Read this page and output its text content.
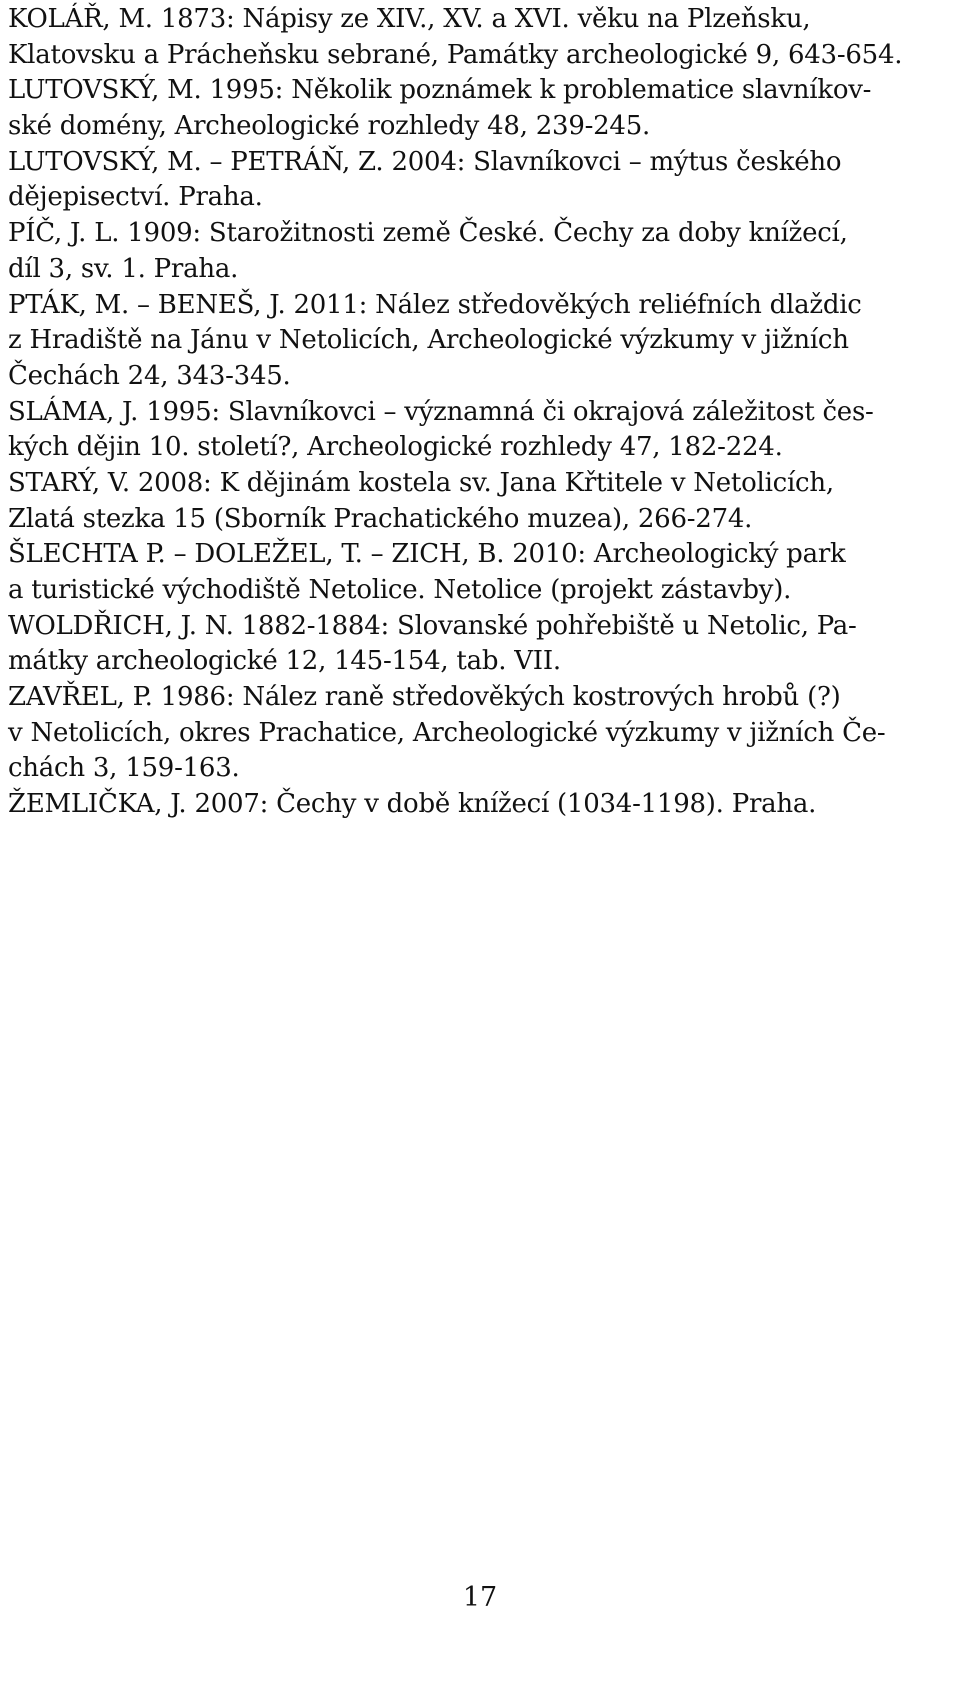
KOLÁŘ, M. 1873: Nápisy ze XIV., XV. a XVI. věku na Plzeňsku,
Klatovsku a Prácheňsku sebrané, Památky archeologické 9, 643-654.
LUTOVSKÝ, M. 1995: Několik poznámek k problematice slavníkov-
ské domény, Archeologické rozhledy 48, 239-245.
LUTOVSKÝ, M. – PETRÁŇ, Z. 2004: Slavníkovci – mýtus českého
dějepisectví. Praha.
PÍČ, J. L. 1909: Starožitnosti země České. Čechy za doby knížecí,
díl 3, sv. 1. Praha.
PTÁK, M. – BENEŠ, J. 2011: Nález středověkých reliéfních dlaždic
z Hradiště na Jánu v Netolicích, Archeologické výzkumy v jižních
Čechách 24, 343-345.
SLÁMA, J. 1995: Slavníkovci – významná či okrajová záležitost čes-
kých dějin 10. století?, Archeologické rozhledy 47, 182-224.
STARÝ, V. 2008: K dějinám kostela sv. Jana Křtitele v Netolicích,
Zlatá stezka 15 (Sborník Prachatického muzea), 266-274.
ŠLECHTA P. – DOLEŽEL, T. – ZICH, B. 2010: Archeologický park
a turistické východiště Netolice. Netolice (projekt zástavby).
WOLDŘICH, J. N. 1882-1884: Slovanské pohřebiště u Netolic, Pa-
mátky archeologické 12, 145-154, tab. VII.
ZAVŘEL, P. 1986: Nález raně středověkých kostrových hrobů (?)
v Netolicích, okres Prachatice, Archeologické výzkumy v jižních Če-
chách 3, 159-163.
ŽEMLIČKA, J. 2007: Čechy v době knížecí (1034-1198). Praha.
17
